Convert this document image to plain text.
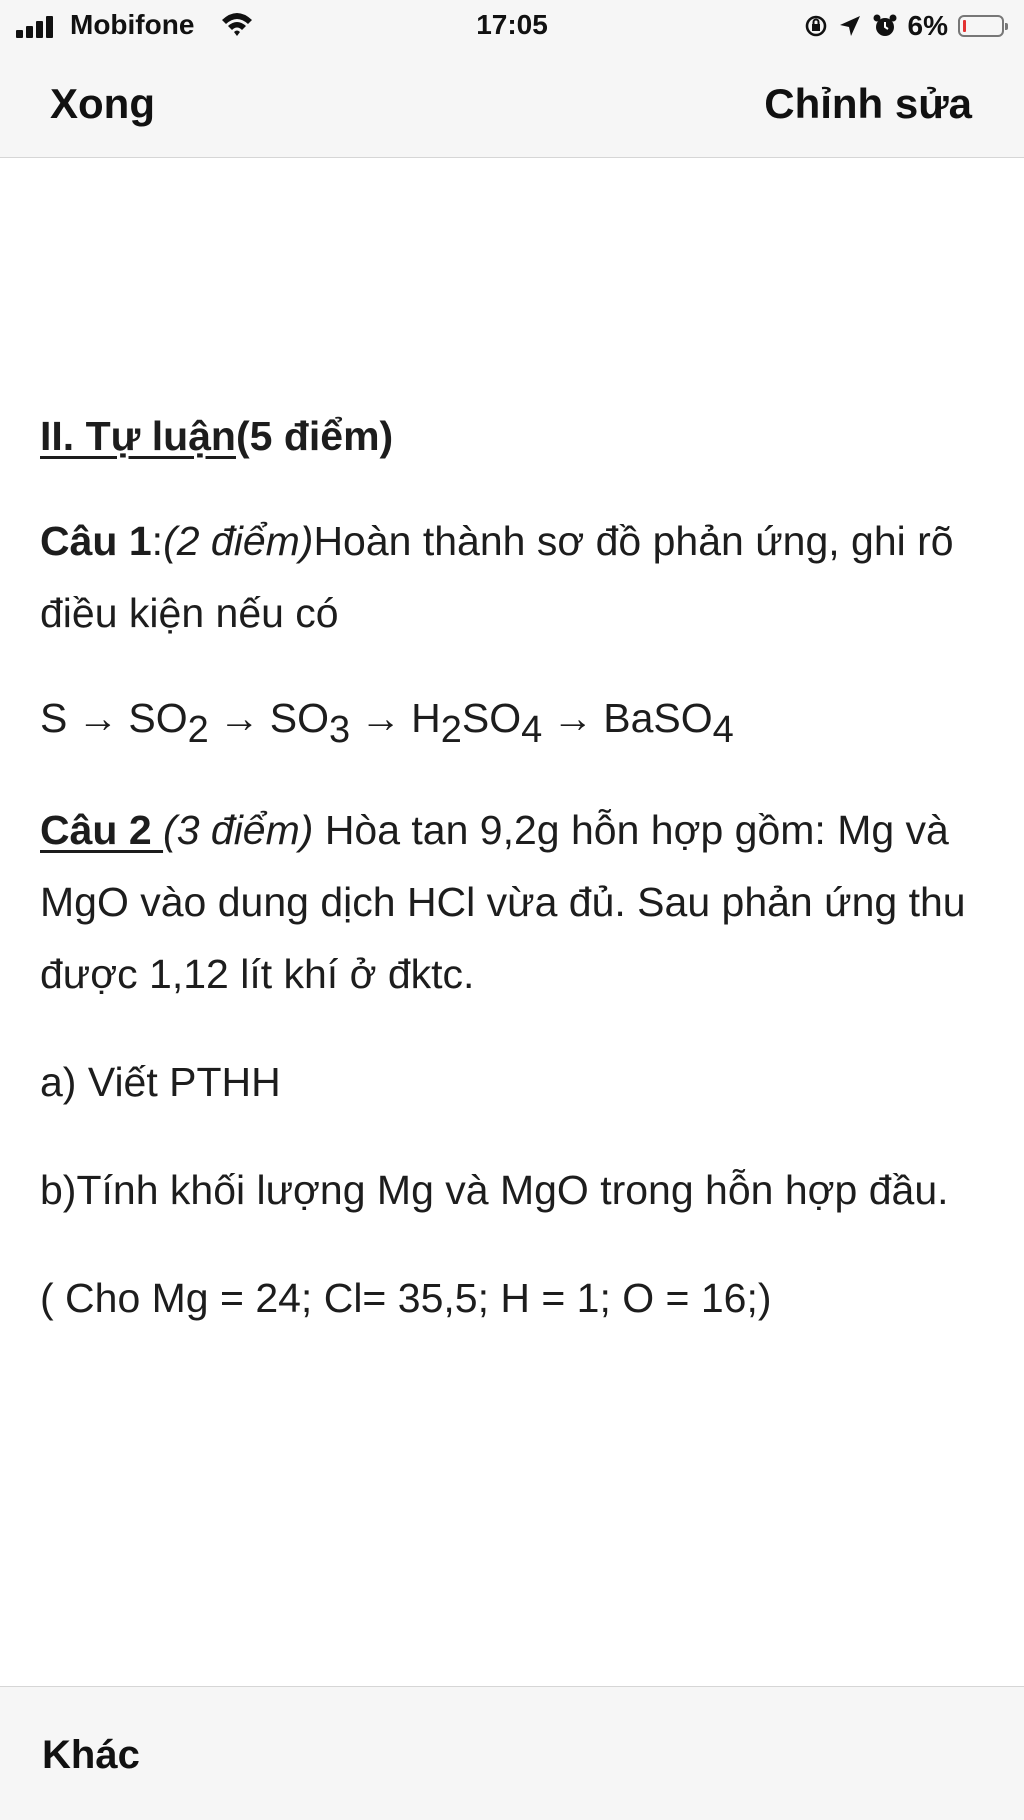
Mobifone	17:05	6%
Xong	Chỉnh sửa

II. Tự luận(5 điểm)

Câu 1:(2 điểm)Hoàn thành sơ đồ phản ứng, ghi rõ điều kiện nếu có

$S \to SO_2 \to SO_3 \to H_2SO_4$ → BaSO$_4$

Câu 2 (3 điểm) Hòa tan 9,2g hỗn hợp gồm: Mg và MgO vào dung dịch HCl vừa đủ. Sau phản ứng thu được 1,12 lít khí ở đktc.

a) Viết PTHH

b)Tính khối lượng Mg và MgO trong hỗn hợp đầu.

( Cho Mg = 24; Cl= 35,5; H = 1; O = 16;)

Khác
